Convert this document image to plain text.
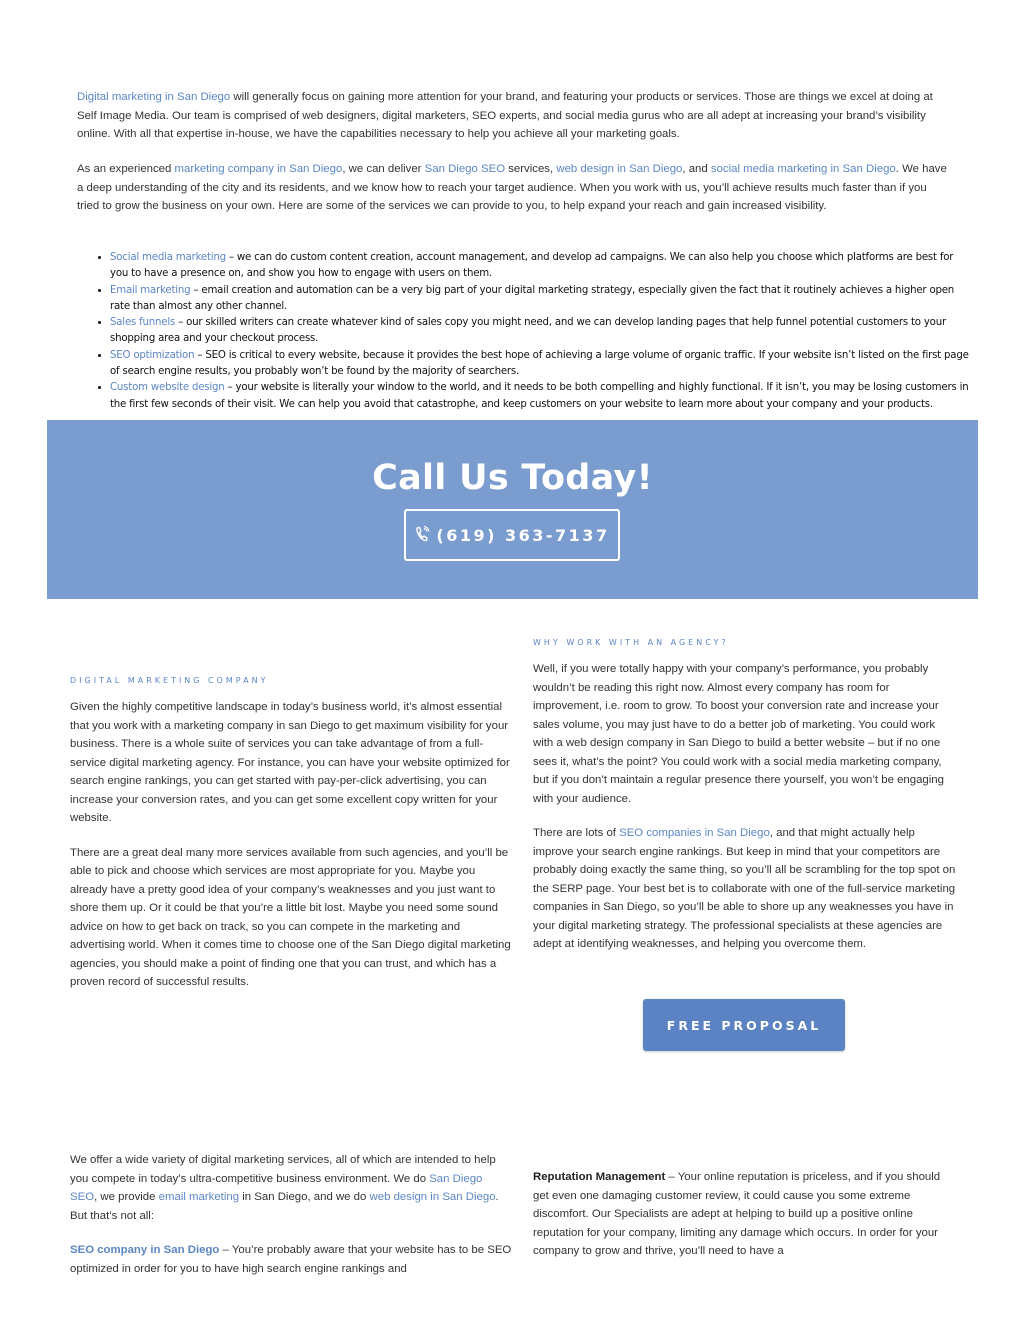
Digital marketing in San Diego will generally focus on gaining more attention for your brand, and featuring your products or services. Those are things we excel at doing at Self Image Media. Our team is comprised of web designers, digital marketers, SEO experts, and social media gurus who are all adept at increasing your brand’s visibility online. With all that expertise in-house, we have the capabilities necessary to help you achieve all your marketing goals.

As an experienced marketing company in San Diego, we can deliver San Diego SEO services, web design in San Diego, and social media marketing in San Diego. We have a deep understanding of the city and its residents, and we know how to reach your target audience. When you work with us, you’ll achieve results much faster than if you tried to grow the business on your own. Here are some of the services we can provide to you, to help expand your reach and gain increased visibility.

• Social media marketing – we can do custom content creation, account management, and develop ad campaigns. We can also help you choose which platforms are best for you to have a presence on, and show you how to engage with users on them.
• Email marketing – email creation and automation can be a very big part of your digital marketing strategy, especially given the fact that it routinely achieves a higher open rate than almost any other channel.
• Sales funnels – our skilled writers can create whatever kind of sales copy you might need, and we can develop landing pages that help funnel potential customers to your shopping area and your checkout process.
• SEO optimization – SEO is critical to every website, because it provides the best hope of achieving a large volume of organic traffic. If your website isn’t listed on the first page of search engine results, you probably won’t be found by the majority of searchers.
• Custom website design – your website is literally your window to the world, and it needs to be both compelling and highly functional. If it isn’t, you may be losing customers in the first few seconds of their visit. We can help you avoid that catastrophe, and keep customers on your website to learn more about your company and your products.
Call Us Today!
(619) 363-7137
DIGITAL MARKETING COMPANY

Given the highly competitive landscape in today’s business world, it’s almost essential that you work with a marketing company in san Diego to get maximum visibility for your business. There is a whole suite of services you can take advantage of from a full-service digital marketing agency. For instance, you can have your website optimized for search engine rankings, you can get started with pay-per-click advertising, you can increase your conversion rates, and you can get some excellent copy written for your website.

There are a great deal many more services available from such agencies, and you’ll be able to pick and choose which services are most appropriate for you. Maybe you already have a pretty good idea of your company’s weaknesses and you just want to shore them up. Or it could be that you’re a little bit lost. Maybe you need some sound advice on how to get back on track, so you can compete in the marketing and advertising world. When it comes time to choose one of the San Diego digital marketing agencies, you should make a point of finding one that you can trust, and which has a proven record of successful results.

WHY WORK WITH AN AGENCY?

Well, if you were totally happy with your company’s performance, you probably wouldn’t be reading this right now. Almost every company has room for improvement, i.e. room to grow. To boost your conversion rate and increase your sales volume, you may just have to do a better job of marketing. You could work with a web design company in San Diego to build a better website – but if no one sees it, what’s the point? You could work with a social media marketing company, but if you don’t maintain a regular presence there yourself, you won’t be engaging with your audience.

There are lots of SEO companies in San Diego, and that might actually help improve your search engine rankings. But keep in mind that your competitors are probably doing exactly the same thing, so you’ll all be scrambling for the top spot on the SERP page. Your best bet is to collaborate with one of the full-service marketing companies in San Diego, so you’ll be able to shore up any weaknesses you have in your digital marketing strategy. The professional specialists at these agencies are adept at identifying weaknesses, and helping you overcome them.

FREE PROPOSAL

We offer a wide variety of digital marketing services, all of which are intended to help you compete in today’s ultra-competitive business environment. We do San Diego SEO, we provide email marketing in San Diego, and we do web design in San Diego. But that’s not all:

SEO company in San Diego – You’re probably aware that your website has to be SEO optimized in order for you to have high search engine rankings and

Reputation Management – Your online reputation is priceless, and if you should get even one damaging customer review, it could cause you some extreme discomfort. Our Specialists are adept at helping to build up a positive online reputation for your company, limiting any damage which occurs. In order for your company to grow and thrive, you’ll need to have a
